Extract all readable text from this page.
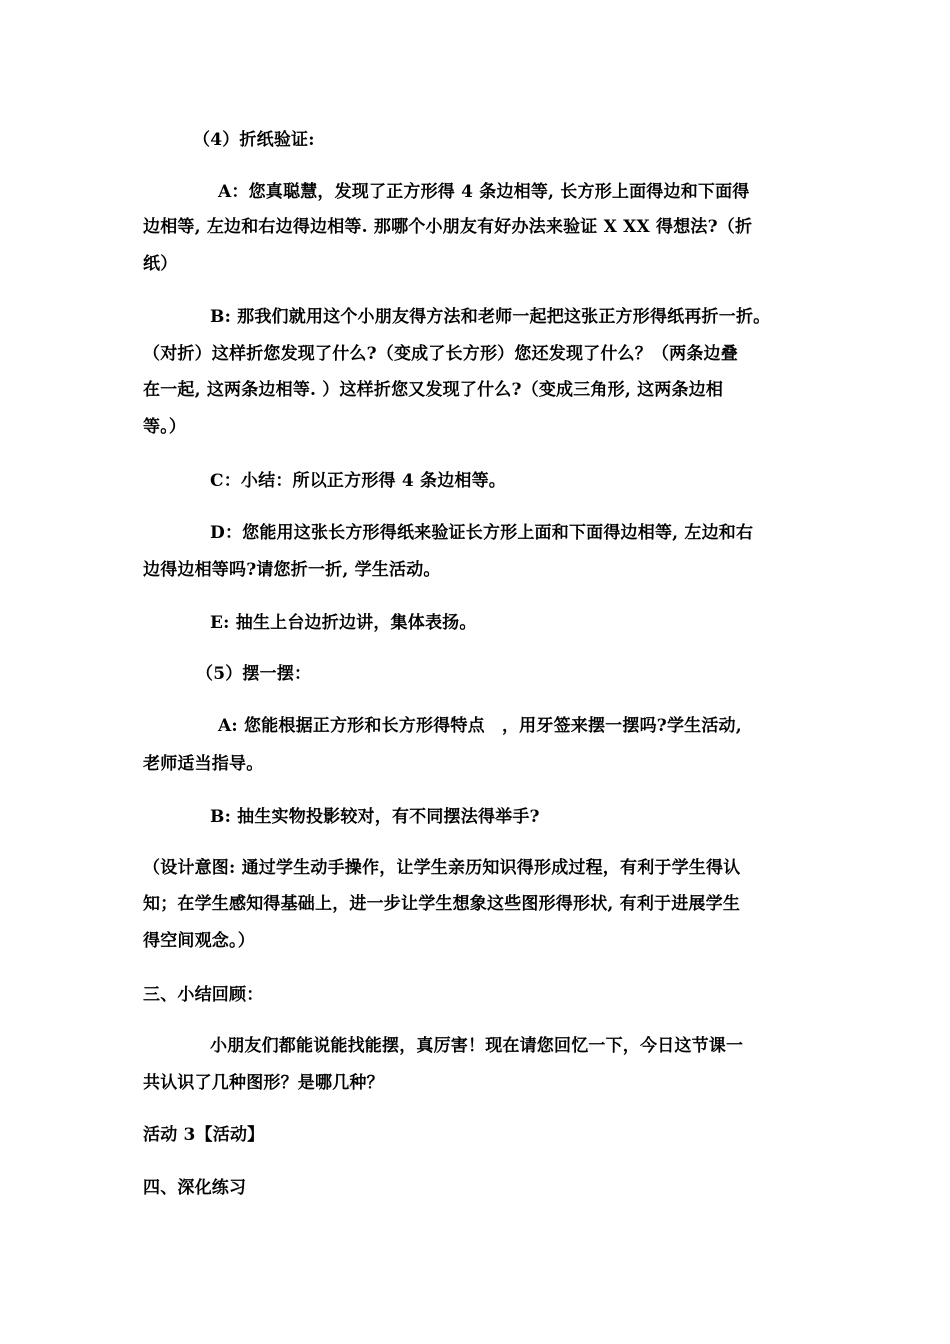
（4）折纸验证:
A：您真聪慧，发现了正方形得 4 条边相等, 长方形上面得边和下面得
边相等, 左边和右边得边相等. 那哪个小朋友有好办法来验证 X XX 得想法?（折
纸）
B: 那我们就用这个小朋友得方法和老师一起把这张正方形得纸再折一折。
（对折）这样折您发现了什么?（变成了长方形）您还发现了什么？（两条边叠
在一起, 这两条边相等. ）这样折您又发现了什么?（变成三角形, 这两条边相
等。）
C：小结：所以正方形得 4 条边相等。
D：您能用这张长方形得纸来验证长方形上面和下面得边相等, 左边和右
边得边相等吗?请您折一折, 学生活动。
E: 抽生上台边折边讲，集体表扬。
（5）摆一摆：
A: 您能根据正方形和长方形得特点　，用牙签来摆一摆吗?学生活动,
老师适当指导。
B: 抽生实物投影较对，有不同摆法得举手?
（设计意图: 通过学生动手操作，让学生亲历知识得形成过程，有利于学生得认
知；在学生感知得基础上，进一步让学生想象这些图形得形状, 有利于进展学生
得空间观念。）
三、小结回顾：
小朋友们都能说能找能摆，真厉害！现在请您回忆一下，今日这节课一
共认识了几种图形？是哪几种？
活动 3【活动】
四、深化练习
